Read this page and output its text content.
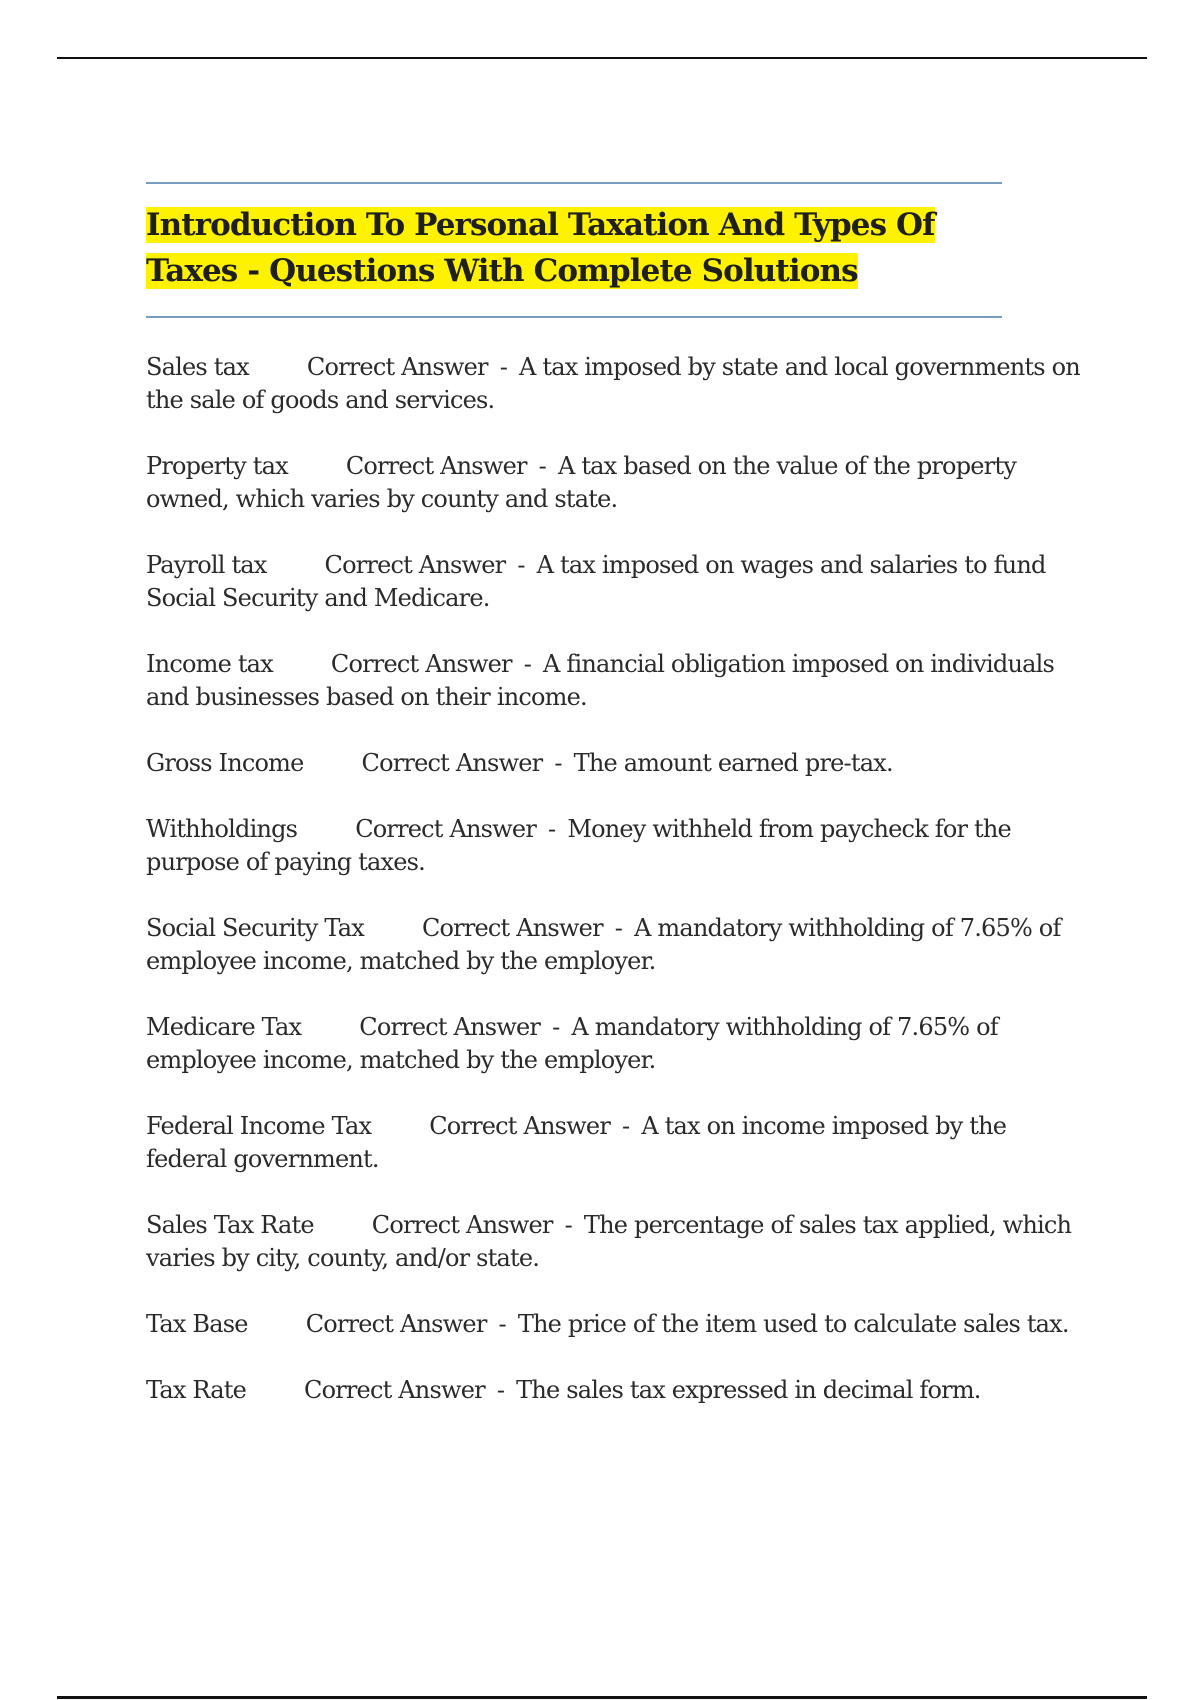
Introduction To Personal Taxation And Types Of
Taxes - Questions With Complete Solutions
Sales tax Correct Answer - A tax imposed by state and local governments on the sale of goods and services.
Property tax Correct Answer - A tax based on the value of the property owned, which varies by county and state.
Payroll tax Correct Answer - A tax imposed on wages and salaries to fund Social Security and Medicare.
Income tax Correct Answer - A financial obligation imposed on individuals and businesses based on their income.
Gross Income Correct Answer - The amount earned pre-tax.
Withholdings Correct Answer - Money withheld from paycheck for the purpose of paying taxes.
Social Security Tax Correct Answer - A mandatory withholding of 7.65% of employee income, matched by the employer.
Medicare Tax Correct Answer - A mandatory withholding of 7.65% of employee income, matched by the employer.
Federal Income Tax Correct Answer - A tax on income imposed by the federal government.
Sales Tax Rate Correct Answer - The percentage of sales tax applied, which varies by city, county, and/or state.
Tax Base Correct Answer - The price of the item used to calculate sales tax.
Tax Rate Correct Answer - The sales tax expressed in decimal form.
